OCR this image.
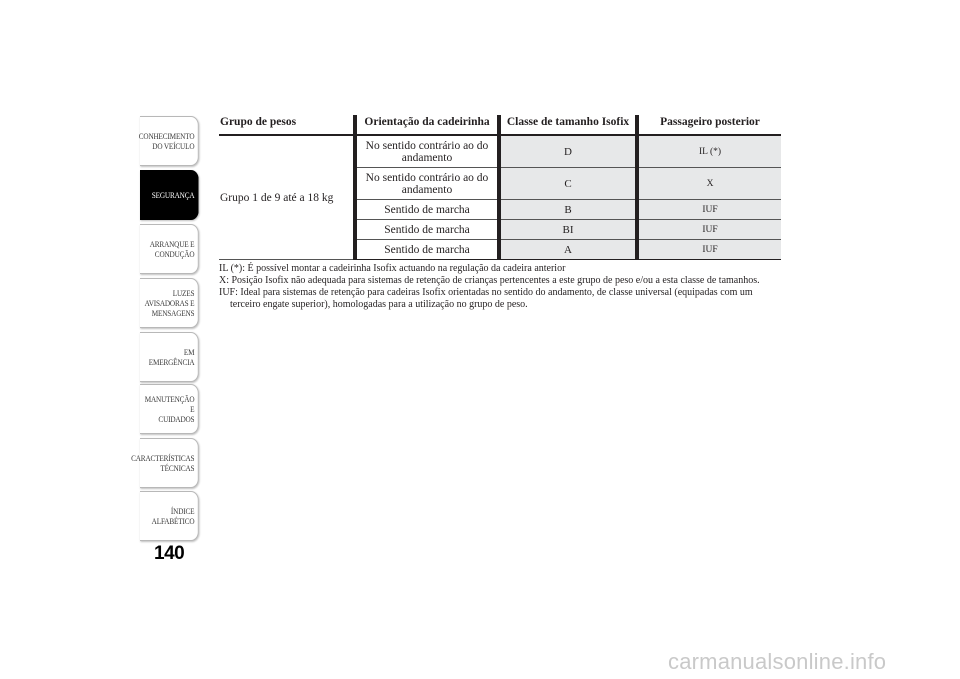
CONHECIMENTO
DO VEÍCULO
SEGURANÇA
ARRANQUE E
CONDUÇÃO
LUZES
AVISADORAS E
MENSAGENS
EM EMERGÊNCIA
MANUTENÇÃO E
CUIDADOS
CARACTERÍSTICAS
TÉCNICAS
ÍNDICE
ALFABÉTICO
140
Grupo de pesos	Orientação da cadeirinha	Classe de tamanho Isofix	Passageiro posterior
Grupo 1 de 9 até a 18 kg	No sentido contrário ao do andamento	D	IL (*)
	No sentido contrário ao do andamento	C	X
	Sentido de marcha	B	IUF
	Sentido de marcha	BI	IUF
	Sentido de marcha	A	IUF

IL (*): É possível montar a cadeirinha Isofix actuando na regulação da cadeira anterior

X: Posição Isofix não adequada para sistemas de retenção de crianças pertencentes a este grupo de peso e/ou a esta classe de tamanhos.

IUF: Ideal para sistemas de retenção para cadeiras Isofix orientadas no sentido do andamento, de classe universal (equipadas com um terceiro engate superior), homologadas para a utilização no grupo de peso.

carmanualsonline.info
